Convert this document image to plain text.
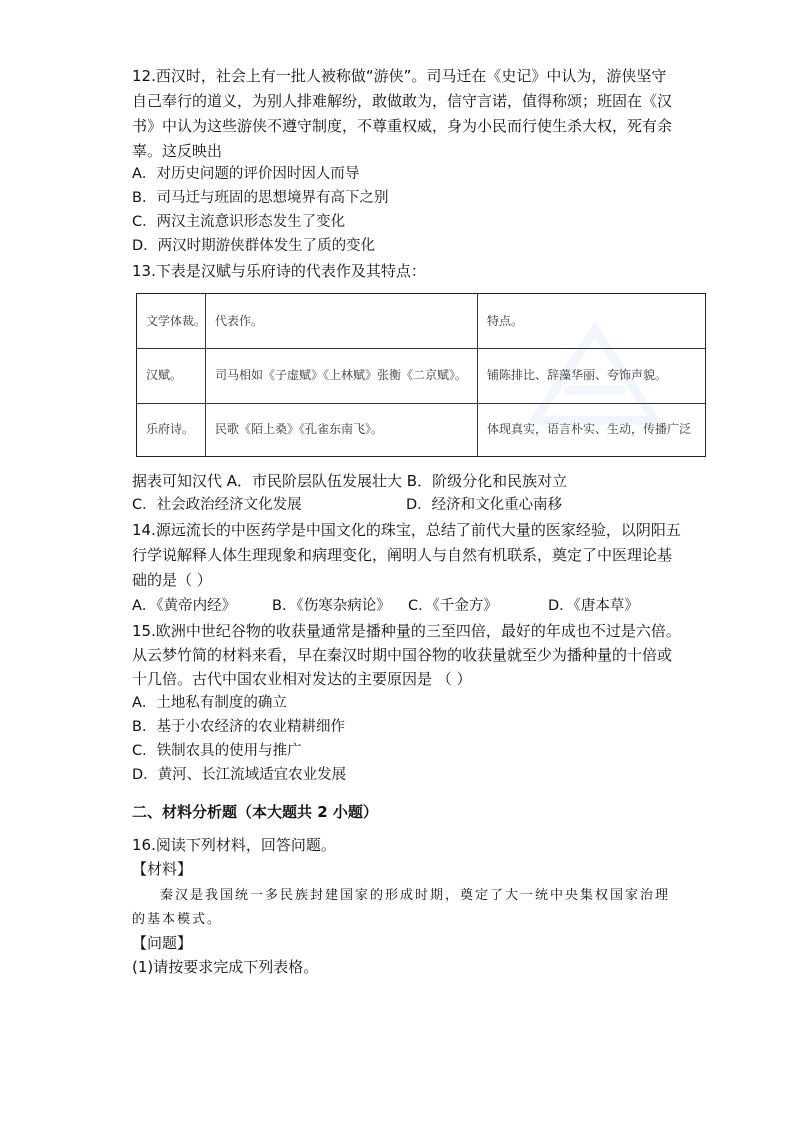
12.西汉时，社会上有一批人被称做“游侠”。司马迁在《史记》中认为，游侠坚守
自己奉行的道义，为别人排难解纷，敢做敢为，信守言诺，值得称颂；班固在《汉
书》中认为这些游侠不遵守制度，不尊重权威，身为小民而行使生杀大权，死有余
辜。这反映出
A．对历史问题的评价因时因人而导
B．司马迁与班固的思想境界有高下之别
C．两汉主流意识形态发生了变化
D．两汉时期游侠群体发生了质的变化
13.下表是汉赋与乐府诗的代表作及其特点：
文学体裁。 代表作。	特点。
汉赋。	司马相如《子虚赋》《上林赋》张衡《二京赋》。 铺陈排比、辞藻华丽、夸饰声貌。
乐府诗。 民歌《陌上桑》《孔雀东南飞》。	体现真实，语言朴实、生动，传播广泛
据表可知汉代 A．市民阶层队伍发展壮大 B．阶级分化和民族对立
C．社会政治经济文化发展	D．经济和文化重心南移
14.源远流长的中医药学是中国文化的珠宝，总结了前代大量的医家经验，以阴阳五
行学说解释人体生理现象和病理变化，阐明人与自然有机联系，奠定了中医理论基
础的是（ ）
A．《黄帝内经》 B．《伤寒杂病论》 C．《千金方》	D．《唐本草》
15.欧洲中世纪谷物的收获量通常是播种量的三至四倍，最好的年成也不过是六倍。
从云梦竹简的材料来看，早在秦汉时期中国谷物的收获量就至少为播种量的十倍或
十几倍。古代中国农业相对发达的主要原因是 （ ）
A．土地私有制度的确立
B．基于小农经济的农业精耕细作
C．铁制农具的使用与推广
D．黄河、长江流域适宜农业发展
二、材料分析题（本大题共 2 小题）
16.阅读下列材料，回答问题。
【材料】
秦汉是我国统一多民族封建国家的形成时期，奠定了大一统中央集权国家治理
的基本模式。
【问题】
(1)请按要求完成下列表格。
